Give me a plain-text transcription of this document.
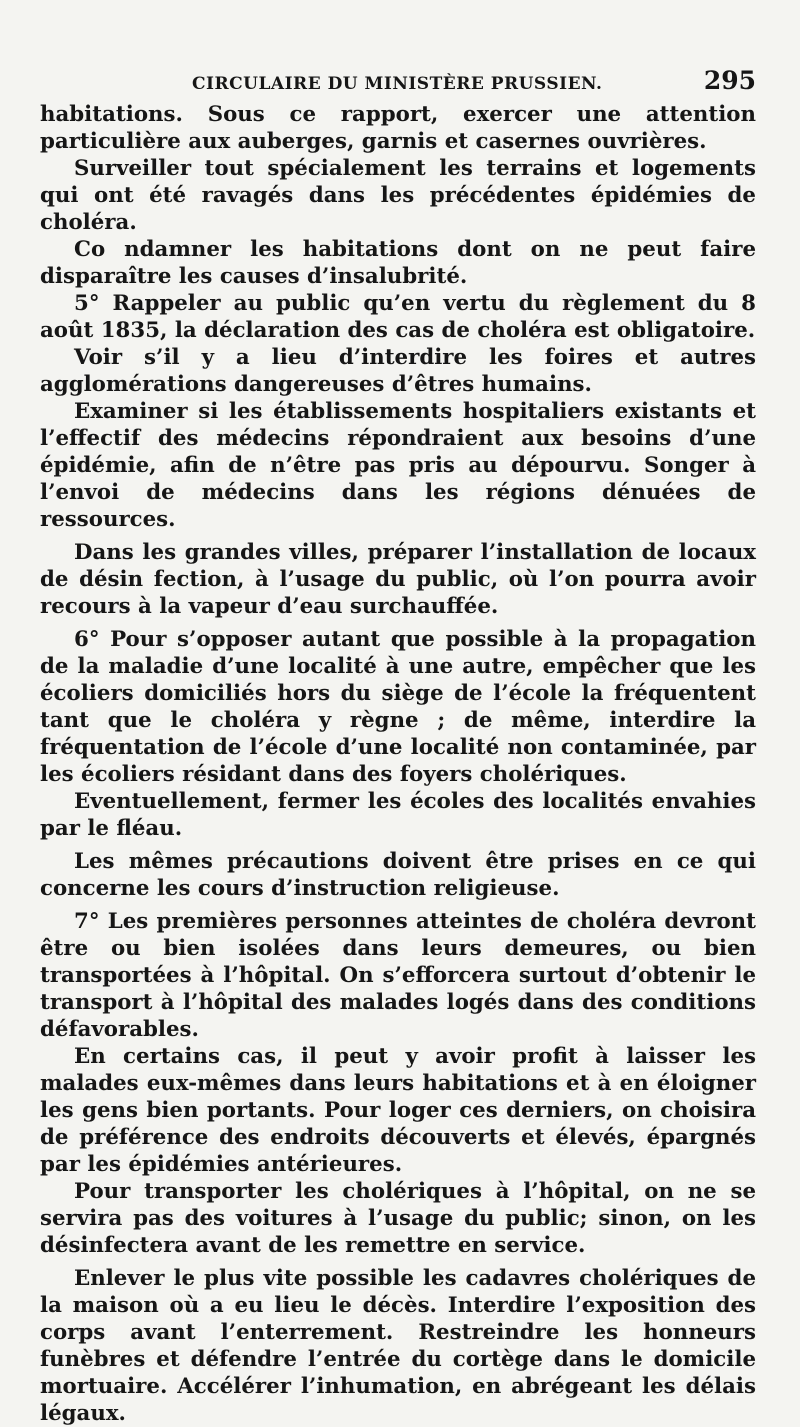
CIRCULAIRE DU MINISTÈRE PRUSSIEN.	295

habitations. Sous ce rapport, exercer une attention particulière aux auberges, garnis et casernes ouvrières.

Surveiller tout spécialement les terrains et logements qui ont été ravagés dans les précédentes épidémies de choléra.

Co ndamner les habitations dont on ne peut faire disparaître les causes d’insalubrité.

5° Rappeler au public qu’en vertu du règlement du 8 août 1835, la déclaration des cas de choléra est obligatoire.

Voir s’il y a lieu d’interdire les foires et autres agglomérations dangereuses d’êtres humains.

Examiner si les établissements hospitaliers existants et l’effectif des médecins répondraient aux besoins d’une épidémie, afin de n’être pas pris au dépourvu. Songer à l’envoi de médecins dans les régions dénuées de ressources.

Dans les grandes villes, préparer l’installation de locaux de désin fection, à l’usage du public, où l’on pourra avoir recours à la vapeur d’eau surchauffée.

6° Pour s’opposer autant que possible à la propagation de la maladie d’une localité à une autre, empêcher que les écoliers domiciliés hors du siège de l’école la fréquentent tant que le choléra y règne ; de même, interdire la fréquentation de l’école d’une localité non contaminée, par les écoliers résidant dans des foyers cholériques.

Eventuellement, fermer les écoles des localités envahies par le fléau.

Les mêmes précautions doivent être prises en ce qui concerne les cours d’instruction religieuse.

7° Les premières personnes atteintes de choléra devront être ou bien isolées dans leurs demeures, ou bien transportées à l’hôpital. On s’efforcera surtout d’obtenir le transport à l’hôpital des malades logés dans des conditions défavorables.

En certains cas, il peut y avoir profit à laisser les malades eux-mêmes dans leurs habitations et à en éloigner les gens bien portants. Pour loger ces derniers, on choisira de préférence des endroits découverts et élevés, épargnés par les épidémies antérieures.

Pour transporter les cholériques à l’hôpital, on ne se servira pas des voitures à l’usage du public; sinon, on les désinfectera avant de les remettre en service.

Enlever le plus vite possible les cadavres cholériques de la maison où a eu lieu le décès. Interdire l’exposition des corps avant l’enterrement. Restreindre les honneurs funèbres et défendre l’entrée du cortège dans le domicile mortuaire. Accélérer l’inhumation, en abrégeant les délais légaux.
